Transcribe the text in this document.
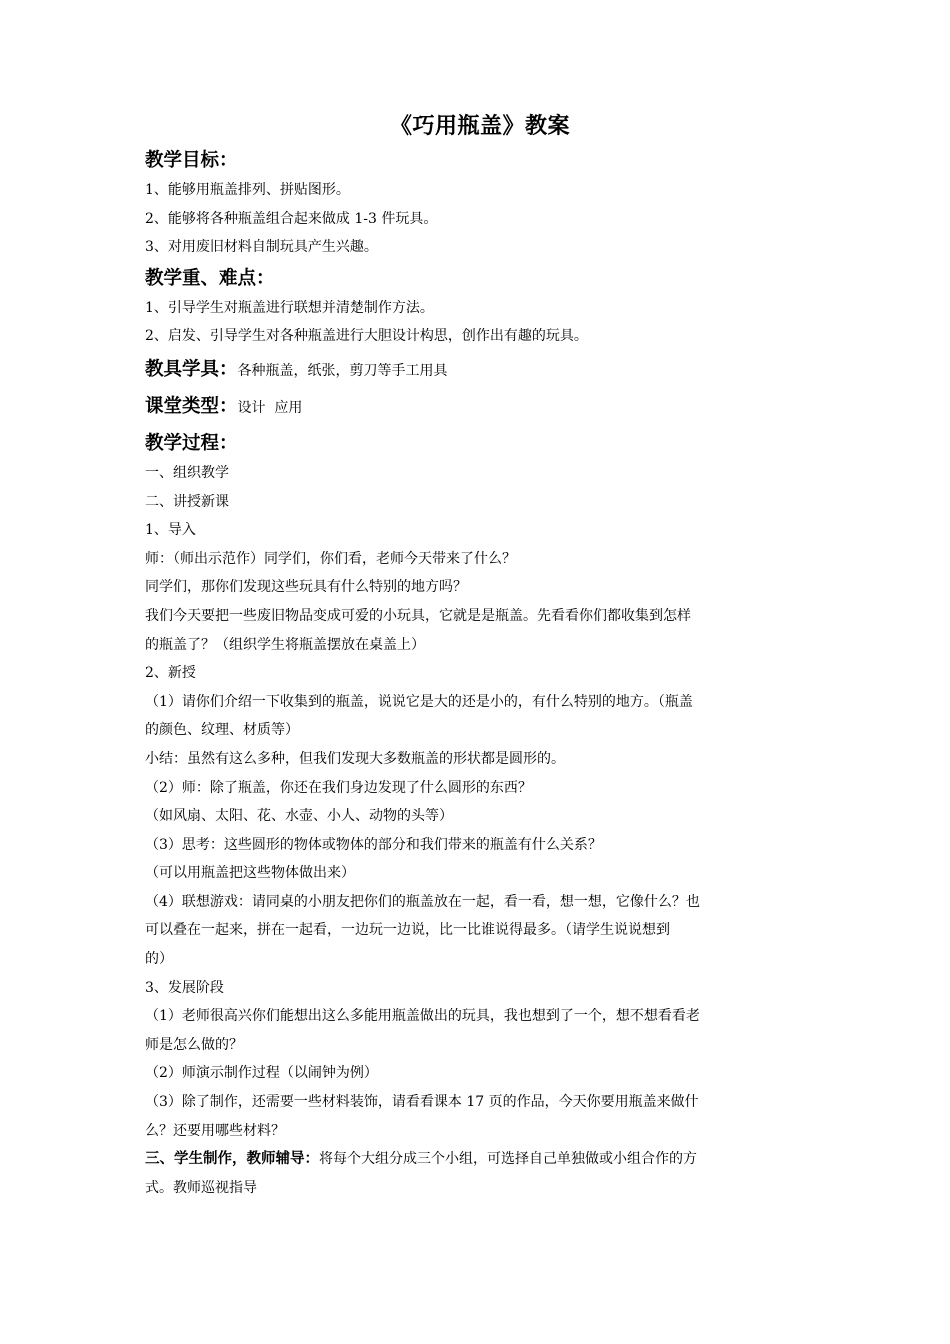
《巧用瓶盖》教案
教学目标：

1、能够用瓶盖排列、拼贴图形。

2、能够将各种瓶盖组合起来做成 1-3 件玩具。

3、对用废旧材料自制玩具产生兴趣。

教学重、难点：

1、引导学生对瓶盖进行联想并清楚制作方法。

2、启发、引导学生对各种瓶盖进行大胆设计构思，创作出有趣的玩具。

教具学具：各种瓶盖，纸张，剪刀等手工用具
课堂类型：设计  应用
教学过程：

一、组织教学

二、讲授新课

1、导入

师：（师出示范作）同学们，你们看，老师今天带来了什么？

同学们，那你们发现这些玩具有什么特别的地方吗？

我们今天要把一些废旧物品变成可爱的小玩具，它就是是瓶盖。先看看你们都收集到怎样

的瓶盖了？（组织学生将瓶盖摆放在桌盖上）

2、新授

（1）请你们介绍一下收集到的瓶盖，说说它是大的还是小的，有什么特别的地方。（瓶盖

的颜色、纹理、材质等）

小结：虽然有这么多种，但我们发现大多数瓶盖的形状都是圆形的。

（2）师：除了瓶盖，你还在我们身边发现了什么圆形的东西？

（如风扇、太阳、花、水壶、小人、动物的头等）

（3）思考：这些圆形的物体或物体的部分和我们带来的瓶盖有什么关系？

（可以用瓶盖把这些物体做出来）

（4）联想游戏：请同桌的小朋友把你们的瓶盖放在一起，看一看，想一想，它像什么？也

可以叠在一起来，拼在一起看，一边玩一边说，比一比谁说得最多。（请学生说说想到

的）

3、发展阶段

（1）老师很高兴你们能想出这么多能用瓶盖做出的玩具，我也想到了一个，想不想看看老

师是怎么做的？

（2）师演示制作过程（以闹钟为例）

（3）除了制作，还需要一些材料装饰，请看看课本 17 页的作品，今天你要用瓶盖来做什

么？还要用哪些材料？

三、学生制作，教师辅导：将每个大组分成三个小组，可选择自己单独做或小组合作的方

式。教师巡视指导
